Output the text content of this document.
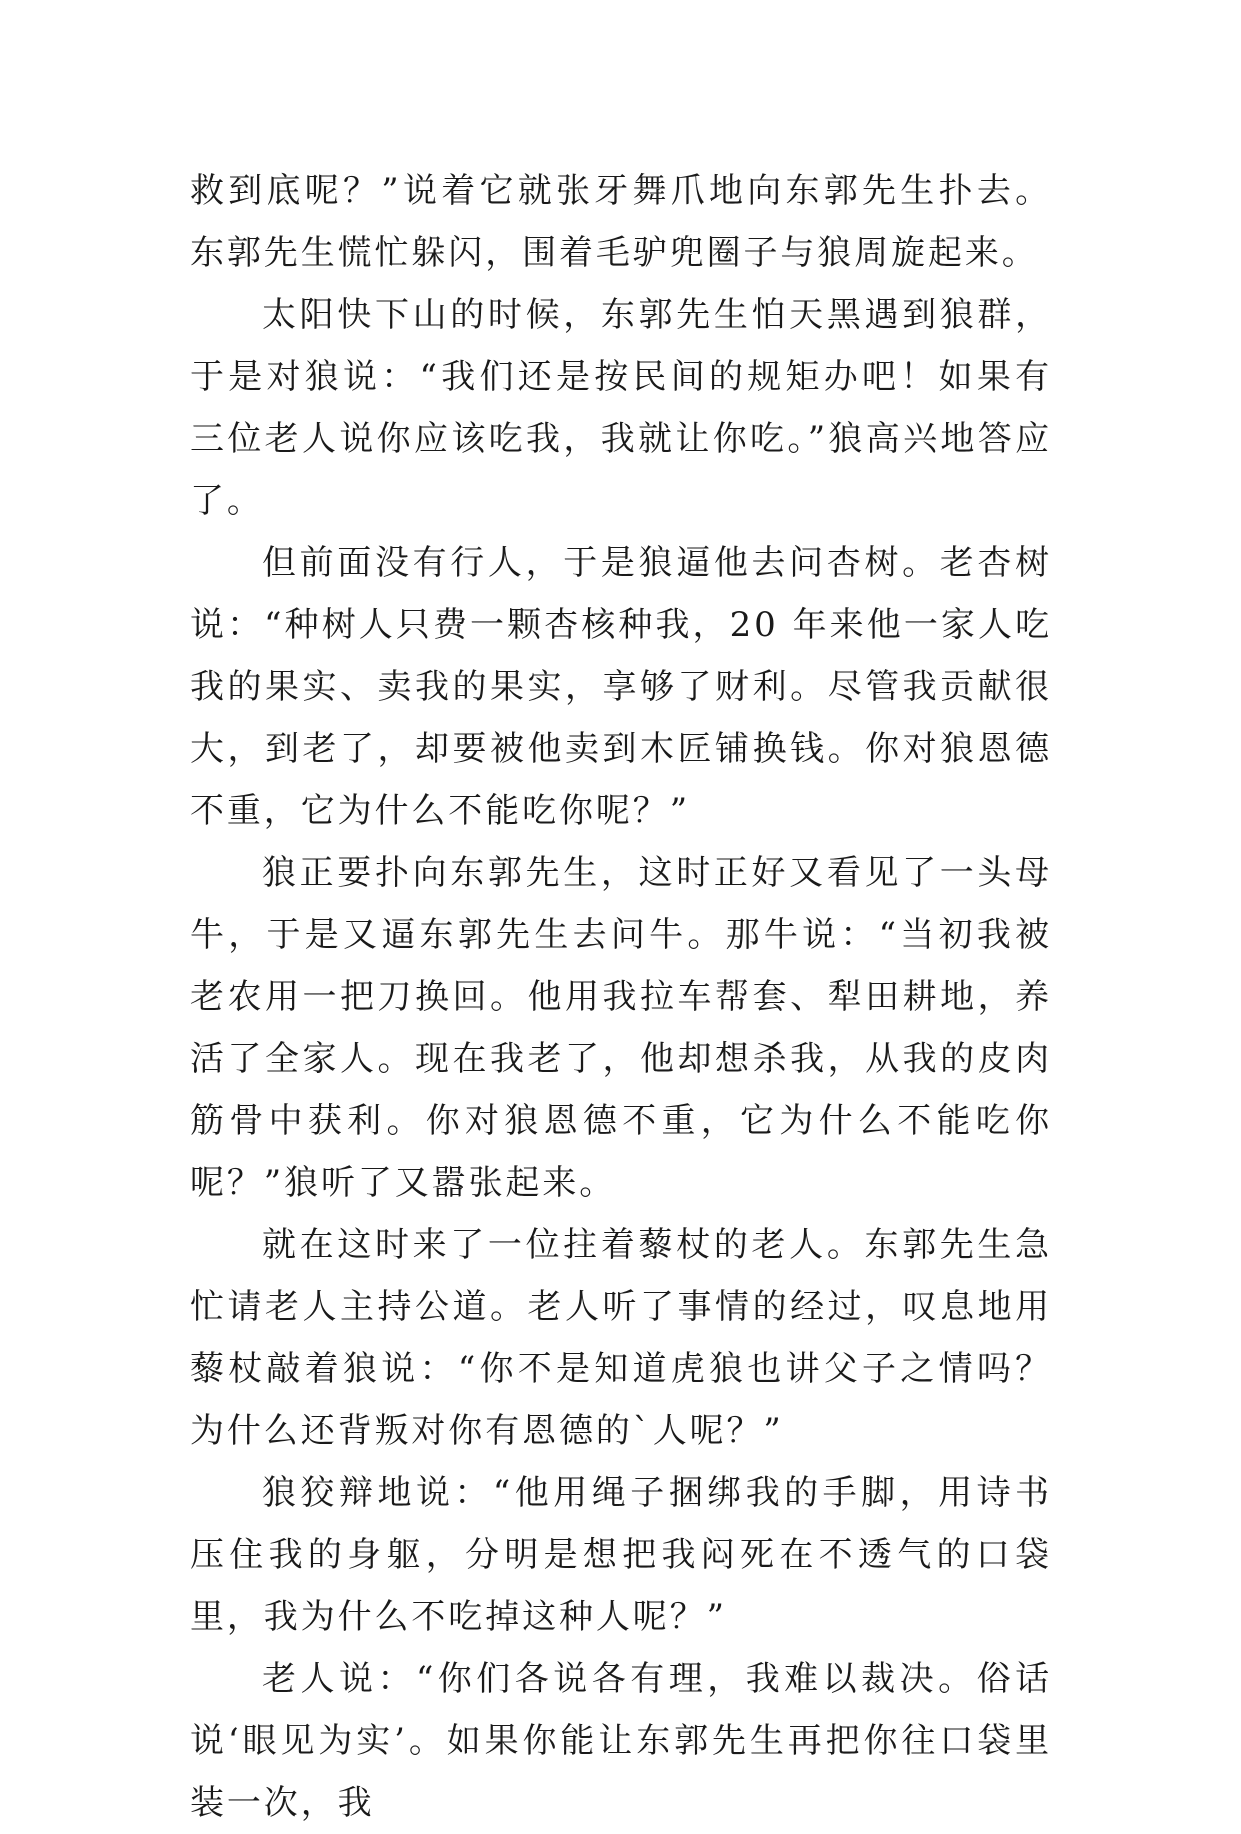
救到底呢？”说着它就张牙舞爪地向东郭先生扑去。东郭先生慌忙躲闪，围着毛驴兜圈子与狼周旋起来。

太阳快下山的时候，东郭先生怕天黑遇到狼群，于是对狼说：“我们还是按民间的规矩办吧！如果有三位老人说你应该吃我，我就让你吃。”狼高兴地答应了。

但前面没有行人，于是狼逼他去问杏树。老杏树说：“种树人只费一颗杏核种我，20 年来他一家人吃我的果实、卖我的果实，享够了财利。尽管我贡献很大，到老了，却要被他卖到木匠铺换钱。你对狼恩德不重，它为什么不能吃你呢？”

狼正要扑向东郭先生，这时正好又看见了一头母牛，于是又逼东郭先生去问牛。那牛说：“当初我被老农用一把刀换回。他用我拉车帮套、犁田耕地，养活了全家人。现在我老了，他却想杀我，从我的皮肉筋骨中获利。你对狼恩德不重，它为什么不能吃你呢？”狼听了又嚣张起来。

就在这时来了一位拄着藜杖的老人。东郭先生急忙请老人主持公道。老人听了事情的经过，叹息地用藜杖敲着狼说：“你不是知道虎狼也讲父子之情吗？为什么还背叛对你有恩德的`人呢？”

狼狡辩地说：“他用绳子捆绑我的手脚，用诗书压住我的身躯，分明是想把我闷死在不透气的口袋里，我为什么不吃掉这种人呢？”

老人说：“你们各说各有理，我难以裁决。俗话说‘眼见为实’。如果你能让东郭先生再把你往口袋里装一次，我
